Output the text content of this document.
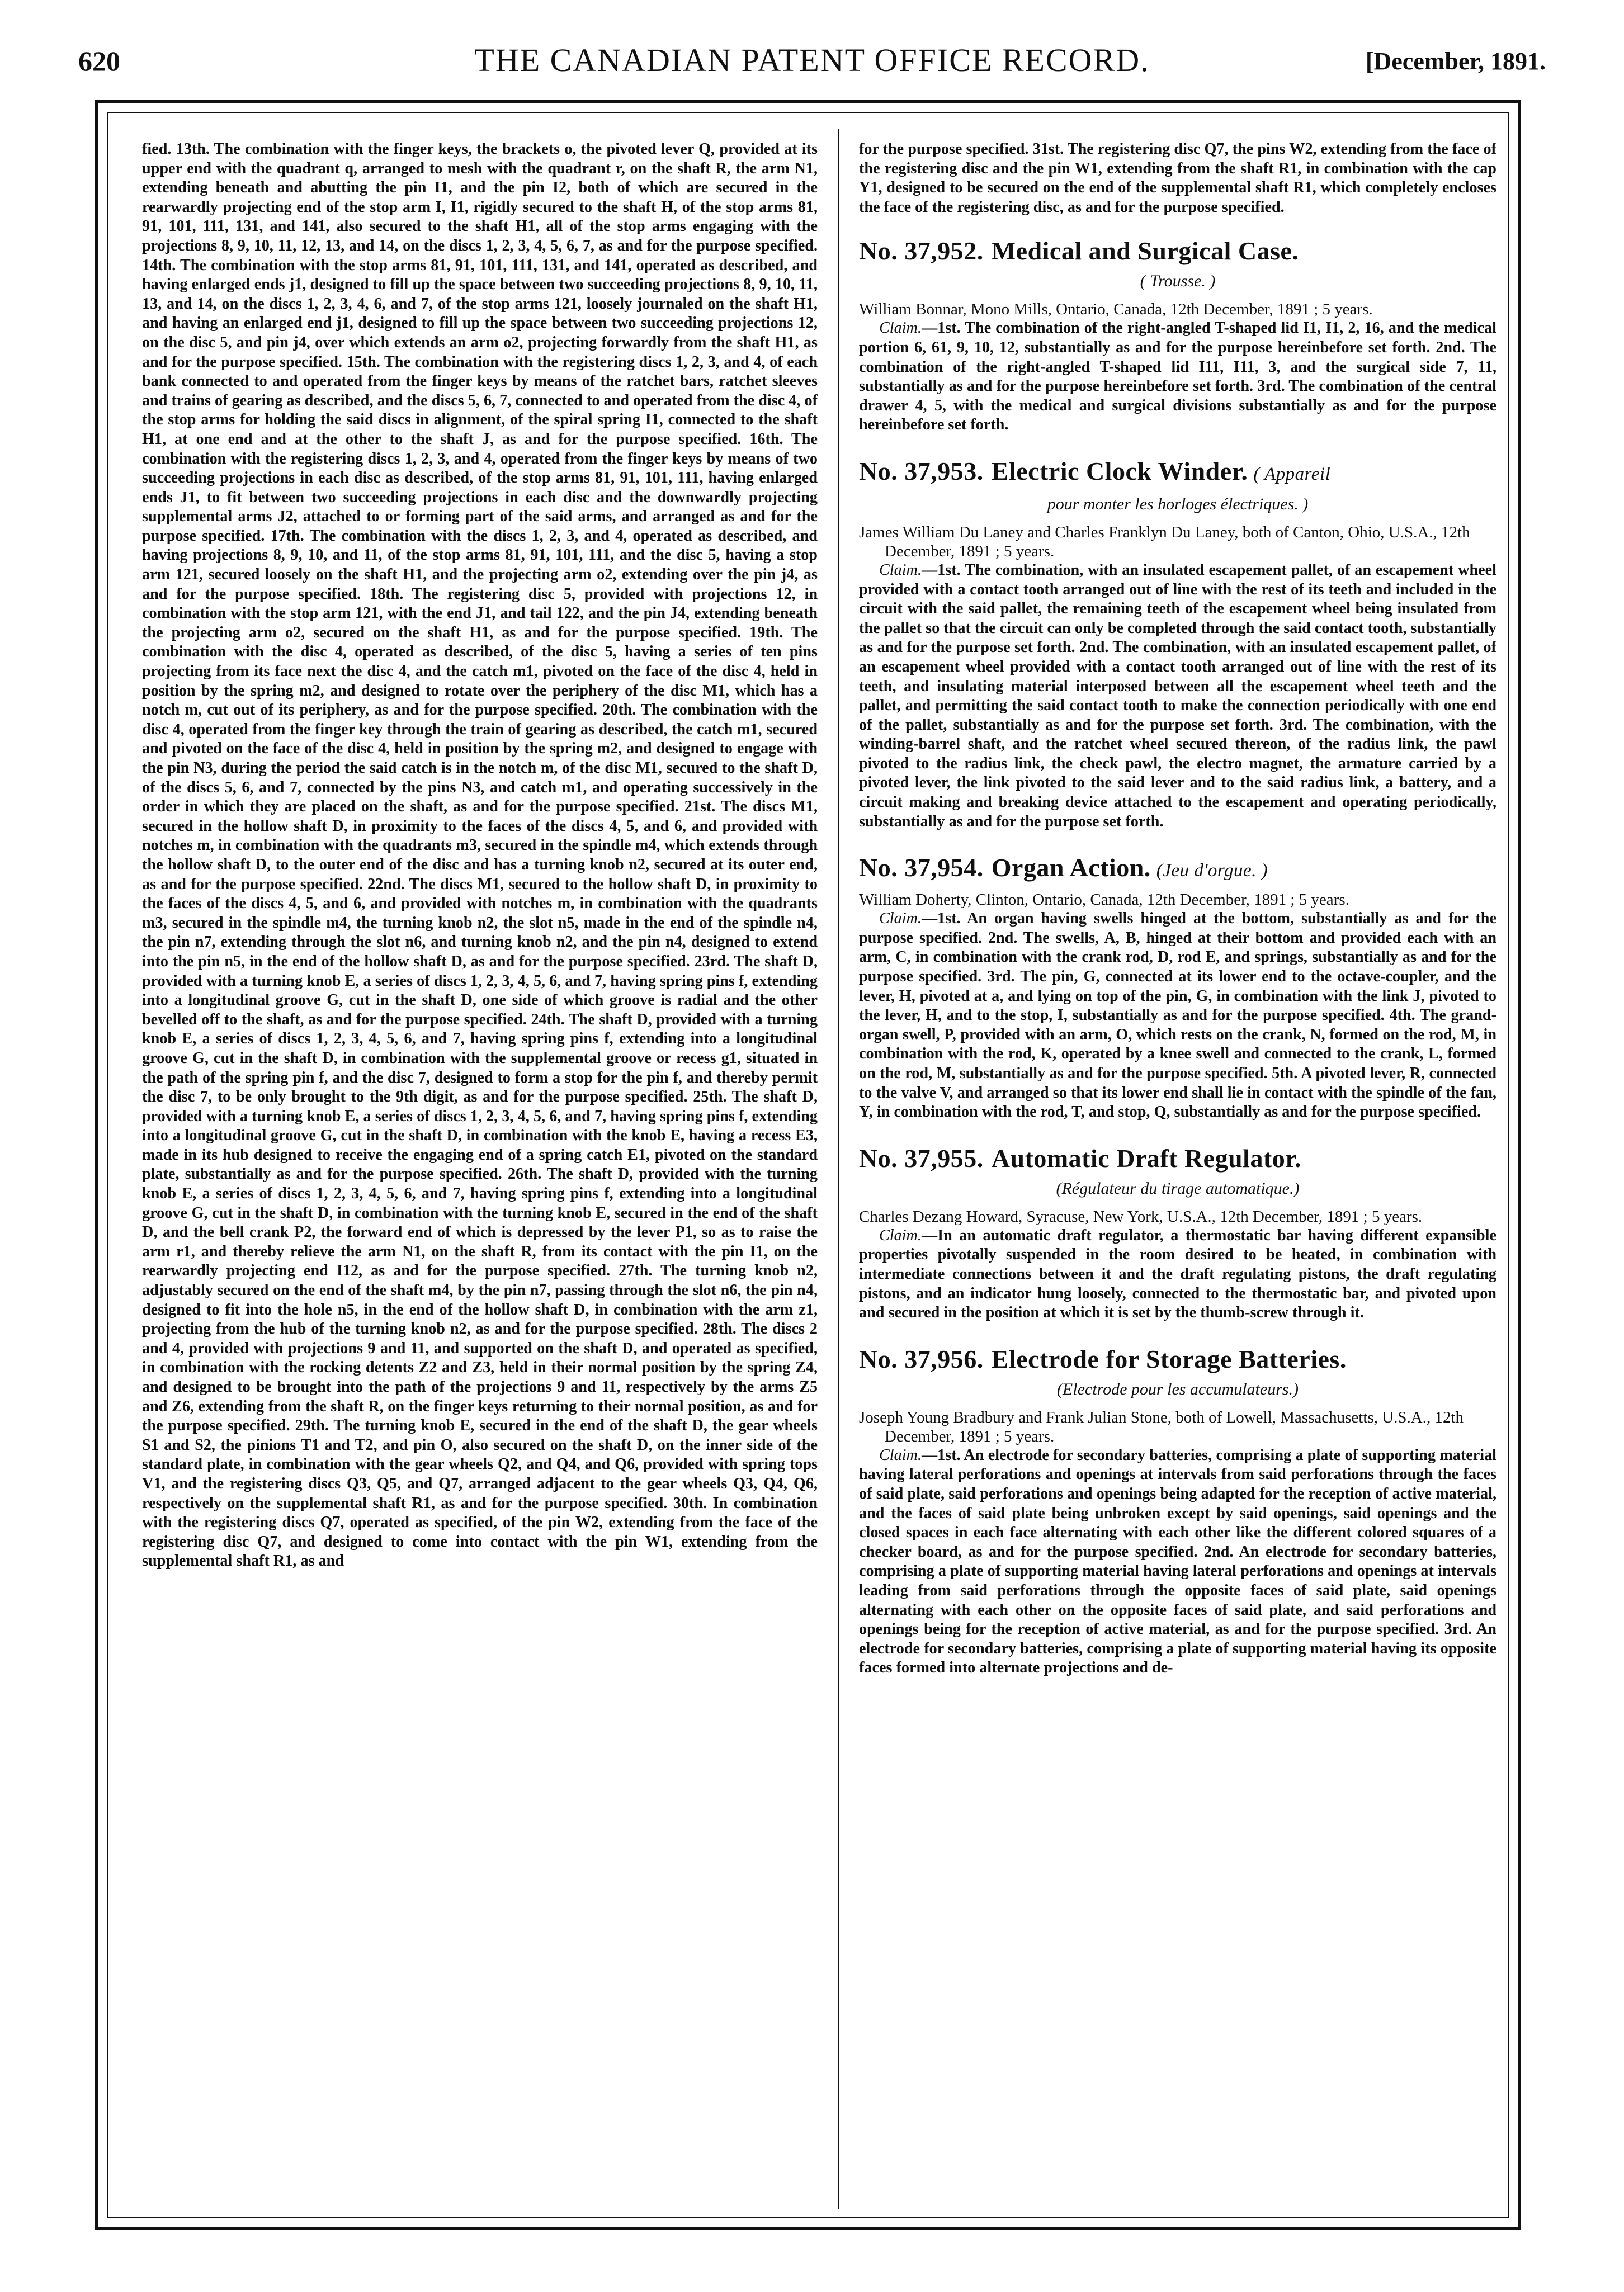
620	THE CANADIAN PATENT OFFICE RECORD.	[December, 1891.

fied. 13th. The combination with the finger keys, the brackets o, the pivoted lever Q, provided at its upper end with the quadrant q, arranged to mesh with the quadrant r, on the shaft R, the arm N1, extending beneath and abutting the pin I1, and the pin I2, both of which are secured in the rearwardly projecting end of the stop arm I, I1, rigidly secured to the shaft H, of the stop arms 81, 91, 101, 111, 131, and 141, also secured to the shaft H1, all of the stop arms engaging with the projections 8, 9, 10, 11, 12, 13, and 14, on the discs 1, 2, 3, 4, 5, 6, 7, as and for the purpose specified. 14th. The combination with the stop arms 81, 91, 101, 111, 131, and 141, operated as described, and having enlarged ends j1, designed to fill up the space between two succeeding projections 8, 9, 10, 11, 13, and 14, on the discs 1, 2, 3, 4, 6, and 7, of the stop arms 121, loosely journaled on the shaft H1, and having an enlarged end j1, designed to fill up the space between two succeeding projections 12, on the disc 5, and pin j4, over which extends an arm o2, projecting forwardly from the shaft H1, as and for the purpose specified. 15th. The combination with the registering discs 1, 2, 3, and 4, of each bank connected to and operated from the finger keys by means of the ratchet bars, ratchet sleeves and trains of gearing as described, and the discs 5, 6, 7, connected to and operated from the disc 4, of the stop arms for holding the said discs in alignment, of the spiral spring I1, connected to the shaft H1, at one end and at the other to the shaft J, as and for the purpose specified. 16th. The combination with the registering discs 1, 2, 3, and 4, operated from the finger keys by means of two succeeding projections in each disc as described, of the stop arms 81, 91, 101, 111, having enlarged ends J1, to fit between two succeeding projections in each disc and the downwardly projecting supplemental arms J2, attached to or forming part of the said arms, and arranged as and for the purpose specified. 17th. The combination with the discs 1, 2, 3, and 4, operated as described, and having projections 8, 9, 10, and 11, of the stop arms 81, 91, 101, 111, and the disc 5, having a stop arm 121, secured loosely on the shaft H1, and the projecting arm o2, extending over the pin j4, as and for the purpose specified. 18th. The registering disc 5, provided with projections 12, in combination with the stop arm 121, with the end J1, and tail 122, and the pin J4, extending beneath the projecting arm o2, secured on the shaft H1, as and for the purpose specified. 19th. The combination with the disc 4, operated as described, of the disc 5, having a series of ten pins projecting from its face next the disc 4, and the catch m1, pivoted on the face of the disc 4, held in position by the spring m2, and designed to rotate over the periphery of the disc M1, which has a notch m, cut out of its periphery, as and for the purpose specified. 20th. The combination with the disc 4, operated from the finger key through the train of gearing as described, the catch m1, secured and pivoted on the face of the disc 4, held in position by the spring m2, and designed to engage with the pin N3, during the period the said catch is in the notch m, of the disc M1, secured to the shaft D, of the discs 5, 6, and 7, connected by the pins N3, and catch m1, and operating successively in the order in which they are placed on the shaft, as and for the purpose specified. 21st. The discs M1, secured in the hollow shaft D, in proximity to the faces of the discs 4, 5, and 6, and provided with notches m, in combination with the quadrants m3, secured in the spindle m4, which extends through the hollow shaft D, to the outer end of the disc and has a turning knob n2, secured at its outer end, as and for the purpose specified. 22nd. The discs M1, secured to the hollow shaft D, in proximity to the faces of the discs 4, 5, and 6, and provided with notches m, in combination with the quadrants m3, secured in the spindle m4, the turning knob n2, the slot n5, made in the end of the spindle n4, the pin n7, extending through the slot n6, and turning knob n2, and the pin n4, designed to extend into the pin n5, in the end of the hollow shaft D, as and for the purpose specified. 23rd. The shaft D, provided with a turning knob E, a series of discs 1, 2, 3, 4, 5, 6, and 7, having spring pins f, extending into a longitudinal groove G, cut in the shaft D, one side of which groove is radial and the other bevelled off to the shaft, as and for the purpose specified. 24th. The shaft D, provided with a turning knob E, a series of discs 1, 2, 3, 4, 5, 6, and 7, having spring pins f, extending into a longitudinal groove G, cut in the shaft D, in combination with the supplemental groove or recess g1, situated in the path of the spring pin f, and the disc 7, designed to form a stop for the pin f, and thereby permit the disc 7, to be only brought to the 9th digit, as and for the purpose specified. 25th. The shaft D, provided with a turning knob E, a series of discs 1, 2, 3, 4, 5, 6, and 7, having spring pins f, extending into a longitudinal groove G, cut in the shaft D, in combination with the knob E, having a recess E3, made in its hub designed to receive the engaging end of a spring catch E1, pivoted on the standard plate, substantially as and for the purpose specified. 26th. The shaft D, provided with the turning knob E, a series of discs 1, 2, 3, 4, 5, 6, and 7, having spring pins f, extending into a longitudinal groove G, cut in the shaft D, in combination with the turning knob E, secured in the end of the shaft D, and the bell crank P2, the forward end of which is depressed by the lever P1, so as to raise the arm r1, and thereby relieve the arm N1, on the shaft R, from its contact with the pin I1, on the rearwardly projecting end I12, as and for the purpose specified. 27th. The turning knob n2, adjustably secured on the end of the shaft m4, by the pin n7, passing through the slot n6, the pin n4, designed to fit into the hole n5, in the end of the hollow shaft D, in combination with the arm z1, projecting from the hub of the turning knob n2, as and for the purpose specified. 28th. The discs 2 and 4, provided with projections 9 and 11, and supported on the shaft D, and operated as specified, in combination with the rocking detents Z2 and Z3, held in their normal position by the spring Z4, and designed to be brought into the path of the projections 9 and 11, respectively by the arms Z5 and Z6, extending from the shaft R, on the finger keys returning to their normal position, as and for the purpose specified. 29th. The turning knob E, secured in the end of the shaft D, the gear wheels S1 and S2, the pinions T1 and T2, and pin O, also secured on the shaft D, on the inner side of the standard plate, in combination with the gear wheels Q2, and Q4, and Q6, provided with spring tops V1, and the registering discs Q3, Q5, and Q7, arranged adjacent to the gear wheels Q3, Q4, Q6, respectively on the supplemental shaft R1, as and for the purpose specified. 30th. In combination with the registering discs Q7, operated as specified, of the pin W2, extending from the face of the registering disc Q7, and designed to come into contact with the pin W1, extending from the supplemental shaft R1, as and

for the purpose specified. 31st. The registering disc Q7, the pins W2, extending from the face of the registering disc and the pin W1, extending from the shaft R1, in combination with the cap Y1, designed to be secured on the end of the supplemental shaft R1, which completely encloses the face of the registering disc, as and for the purpose specified.

No. 37,952. Medical and Surgical Case.
( Trousse. )

William Bonnar, Mono Mills, Ontario, Canada, 12th December, 1891 ; 5 years.

Claim.—1st. The combination of the right-angled T-shaped lid I1, I1, 2, 16, and the medical portion 6, 61, 9, 10, 12, substantially as and for the purpose hereinbefore set forth. 2nd. The combination of the right-angled T-shaped lid I11, I11, 3, and the surgical side 7, 11, substantially as and for the purpose hereinbefore set forth. 3rd. The combination of the central drawer 4, 5, with the medical and surgical divisions substantially as and for the purpose hereinbefore set forth.

No. 37,953. Electric Clock Winder. ( Appareil
pour monter les horloges électriques. )

James William Du Laney and Charles Franklyn Du Laney, both of Canton, Ohio, U.S.A., 12th December, 1891 ; 5 years.

Claim.—1st. The combination, with an insulated escapement pallet, of an escapement wheel provided with a contact tooth arranged out of line with the rest of its teeth and included in the circuit with the said pallet, the remaining teeth of the escapement wheel being insulated from the pallet so that the circuit can only be completed through the said contact tooth, substantially as and for the purpose set forth. 2nd. The combination, with an insulated escapement pallet, of an escapement wheel provided with a contact tooth arranged out of line with the rest of its teeth, and insulating material interposed between all the escapement wheel teeth and the pallet, and permitting the said contact tooth to make the connection periodically with one end of the pallet, substantially as and for the purpose set forth. 3rd. The combination, with the winding-barrel shaft, and the ratchet wheel secured thereon, of the radius link, the pawl pivoted to the radius link, the check pawl, the electro magnet, the armature carried by a pivoted lever, the link pivoted to the said lever and to the said radius link, a battery, and a circuit making and breaking device attached to the escapement and operating periodically, substantially as and for the purpose set forth.

No. 37,954. Organ Action. (Jeu d'orgue. )

William Doherty, Clinton, Ontario, Canada, 12th December, 1891 ; 5 years.

Claim.—1st. An organ having swells hinged at the bottom, substantially as and for the purpose specified. 2nd. The swells, A, B, hinged at their bottom and provided each with an arm, C, in combination with the crank rod, D, rod E, and springs, substantially as and for the purpose specified. 3rd. The pin, G, connected at its lower end to the octave-coupler, and the lever, H, pivoted at a, and lying on top of the pin, G, in combination with the link J, pivoted to the lever, H, and to the stop, I, substantially as and for the purpose specified. 4th. The grand-organ swell, P, provided with an arm, O, which rests on the crank, N, formed on the rod, M, in combination with the rod, K, operated by a knee swell and connected to the crank, L, formed on the rod, M, substantially as and for the purpose specified. 5th. A pivoted lever, R, connected to the valve V, and arranged so that its lower end shall lie in contact with the spindle of the fan, Y, in combination with the rod, T, and stop, Q, substantially as and for the purpose specified.

No. 37,955. Automatic Draft Regulator.
(Régulateur du tirage automatique.)

Charles Dezang Howard, Syracuse, New York, U.S.A., 12th December, 1891 ; 5 years.

Claim.—In an automatic draft regulator, a thermostatic bar having different expansible properties pivotally suspended in the room desired to be heated, in combination with intermediate connections between it and the draft regulating pistons, the draft regulating pistons, and an indicator hung loosely, connected to the thermostatic bar, and pivoted upon and secured in the position at which it is set by the thumb-screw through it.

No. 37,956. Electrode for Storage Batteries.
(Electrode pour les accumulateurs.)

Joseph Young Bradbury and Frank Julian Stone, both of Lowell, Massachusetts, U.S.A., 12th December, 1891 ; 5 years.

Claim.—1st. An electrode for secondary batteries, comprising a plate of supporting material having lateral perforations and openings at intervals from said perforations through the faces of said plate, said perforations and openings being adapted for the reception of active material, and the faces of said plate being unbroken except by said openings, said openings and the closed spaces in each face alternating with each other like the different colored squares of a checker board, as and for the purpose specified. 2nd. An electrode for secondary batteries, comprising a plate of supporting material having lateral perforations and openings at intervals leading from said perforations through the opposite faces of said plate, said openings alternating with each other on the opposite faces of said plate, and said perforations and openings being for the reception of active material, as and for the purpose specified. 3rd. An electrode for secondary batteries, comprising a plate of supporting material having its opposite faces formed into alternate projections and de-
